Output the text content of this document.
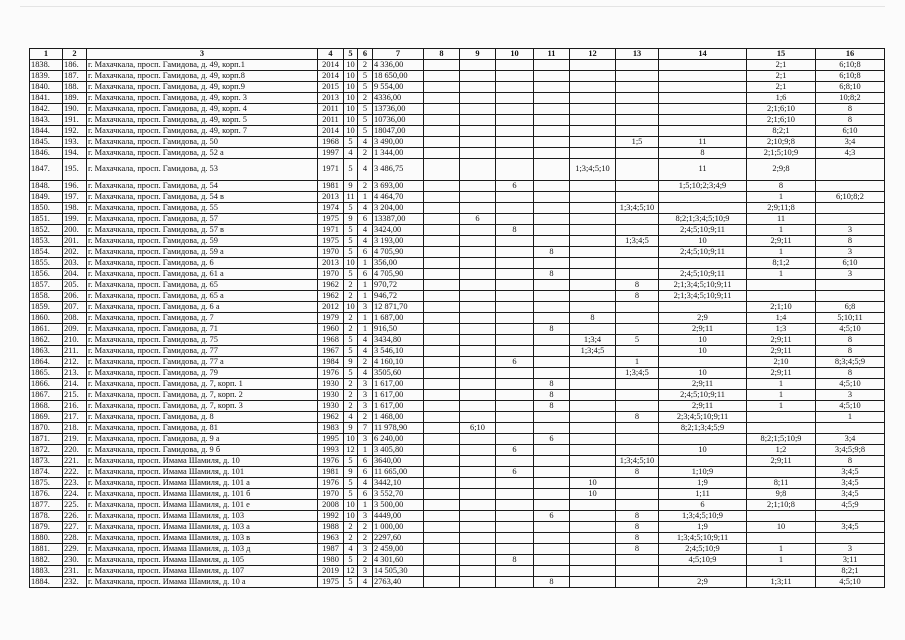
1	2	3	4	5	6	7	8	9	10	11	12	13	14	15	16
1838.	186.	г. Махачкала, просп. Гамидова, д. 49, корп.1	2014	10	2	4 336,00								2;1	6;10;8
1839.	187.	г. Махачкала, просп. Гамидова, д. 49, корп.8	2014	10	5	18 650,00								2;1	6;10;8
1840.	188.	г. Махачкала, просп. Гамидова, д. 49, корп.9	2015	10	5	9 554,00								2;1	6;8;10
1841.	189.	г. Махачкала, просп. Гамидова, д. 49, корп. 3	2013	10	2	4336,00								1;6	10;8;2
1842.	190.	г. Махачкала, просп. Гамидова, д. 49, корп. 4	2011	10	5	13736,00								2;1;6;10	8
1843.	191.	г. Махачкала, просп. Гамидова, д. 49, корп. 5	2011	10	5	10736,00								2;1;6;10	8
1844.	192.	г. Махачкала, просп. Гамидова, д. 49, корп. 7	2014	10	5	18047,00								8;2;1	6;10
1845.	193.	г. Махачкала, просп. Гамидова, д. 50	1968	5	4	3 490,00						1;5	11	2;10;9;8	3;4
1846.	194.	г. Махачкала, просп. Гамидова, д. 52 а	1997	4	2	1 344,00							8	2;1;5;10;9	4;3
1847.	195.	г. Махачкала, просп. Гамидова, д. 53	1971	5	4	3 486,75					1;3;4;5;10		11	2;9;8	
1848.	196.	г. Махачкала, просп. Гамидова, д. 54	1981	9	2	3 693,00			6				1;5;10;2;3;4;9	8	
1849.	197.	г. Махачкала, просп. Гамидова, д. 54 в	2013	11	1	4 464,70								1	6;10;8;2
1850.	198.	г. Махачкала, просп. Гамидова, д. 55	1974	5	4	3 204,00						1;3;4;5;10		2;9;11;8	
1851.	199.	г. Махачкала, просп. Гамидова, д. 57	1975	9	6	13387,00		6					8;2;1;3;4;5;10;9	11	
1852.	200.	г. Махачкала, просп. Гамидова, д. 57 в	1971	5	4	3424,00			8				2;4;5;10;9;11	1	3
1853.	201.	г. Махачкала, просп. Гамидова, д. 59	1975	5	4	3 193,00						1;3;4;5	10	2;9;11	8
1854.	202.	г. Махачкала, просп. Гамидова, д. 59 а	1970	5	6	4 705,90				8			2;4;5;10;9;11	1	3
1855.	203.	г. Махачкала, просп. Гамидова, д. 6	2013	10	1	356,00								8;1;2	6;10
1856.	204.	г. Махачкала, просп. Гамидова, д. 61 а	1970	5	6	4 705,90				8			2;4;5;10;9;11	1	3
1857.	205.	г. Махачкала, просп. Гамидова, д. 65	1962	2	1	970,72						8	2;1;3;4;5;10;9;11		
1858.	206.	г. Махачкала, просп. Гамидова, д. 65 а	1962	2	1	946,72						8	2;1;3;4;5;10;9;11		
1859.	207.	г. Махачкала, просп. Гамидова, д. 6 а	2012	10	3	12 871,70								2;1;10	6;8
1860.	208.	г. Махачкала, просп. Гамидова, д. 7	1979	2	1	1 687,00					8		2;9	1;4	5;10;11
1861.	209.	г. Махачкала, просп. Гамидова, д. 71	1960	2	1	916,50				8			2;9;11	1;3	4;5;10
1862.	210.	г. Махачкала, просп. Гамидова, д. 75	1968	5	4	3434,80					1;3;4	5	10	2;9;11	8
1863.	211.	г. Махачкала, просп. Гамидова, д. 77	1967	5	4	3 546,10					1;3;4;5		10	2;9;11	8
1864.	212.	г. Махачкала, просп. Гамидова, д. 77 а	1984	9	2	4 160,10			6			1		2;10	8;3;4;5;9
1865.	213.	г. Махачкала, просп. Гамидова, д. 79	1976	5	4	3505,60						1;3;4;5	10	2;9;11	8
1866.	214.	г. Махачкала, просп. Гамидова, д. 7, корп. 1	1930	2	3	1 617,00				8			2;9;11	1	4;5;10
1867.	215.	г. Махачкала, просп. Гамидова, д. 7, корп. 2	1930	2	3	1 617,00				8			2;4;5;10;9;11	1	3
1868.	216.	г. Махачкала, просп. Гамидова, д. 7, корп. 3	1930	2	3	1 617,00				8			2;9;11	1	4;5;10
1869.	217.	г. Махачкала, просп. Гамидова, д. 8	1962	4	2	1 468,00						8	2;3;4;5;10;9;11		1
1870.	218.	г. Махачкала, просп. Гамидова, д. 81	1983	9	7	11 978,90		6;10					8;2;1;3;4;5;9		
1871.	219.	г. Махачкала, просп. Гамидова, д. 9 а	1995	10	3	6 240,00				6				8;2;1;5;10;9	3;4
1872.	220.	г. Махачкала, просп. Гамидова, д. 9 б	1993	12	1	3 405,80			6				10	1;2	3;4;5;9;8
1873.	221.	г. Махачкала, просп. Имама Шамиля, д. 10	1976	5	6	3640,00						1;3;4;5;10		2;9;11	8
1874.	222.	г. Махачкала, просп. Имама Шамиля, д. 101	1981	9	6	11 665,00			6			8	1;10;9		3;4;5
1875.	223.	г. Махачкала, просп. Имама Шамиля, д. 101 а	1976	5	4	3442,10					10		1;9	8;11	3;4;5
1876.	224.	г. Махачкала, просп. Имама Шамиля, д. 101 б	1970	5	6	3 552,70					10		1;11	9;8	3;4;5
1877.	225.	г. Махачкала, просп. Имама Шамиля, д. 101 е	2008	10	1	3 500,00							6	2;1;10;8	4;5;9
1878.	226.	г. Махачкала, просп. Имама Шамиля, д. 103	1992	10	3	4449,00				6		8	1;3;4;5;10;9		
1879.	227.	г. Махачкала, просп. Имама Шамиля, д. 103 а	1988	2	2	1 000,00						8	1;9	10	3;4;5
1880.	228.	г. Махачкала, просп. Имама Шамиля, д. 103 в	1963	2	2	2297,60						8	1;3;4;5;10;9;11		
1881.	229.	г. Махачкала, просп. Имама Шамиля, д. 103 д	1987	4	3	2 459,00						8	2;4;5;10;9	1	3
1882.	230.	г. Махачкала, просп. Имама Шамиля, д. 105	1980	5	2	4 301,60			8				4;5;10;9	1	3;11
1883.	231.	г. Махачкала, просп. Имама Шамиля, д. 107	2019	12	3	14 505,30									8;2;1
1884.	232.	г. Махачкала, просп. Имама Шамиля, д. 10 а	1975	5	4	2763,40				8			2;9	1;3;11	4;5;10
